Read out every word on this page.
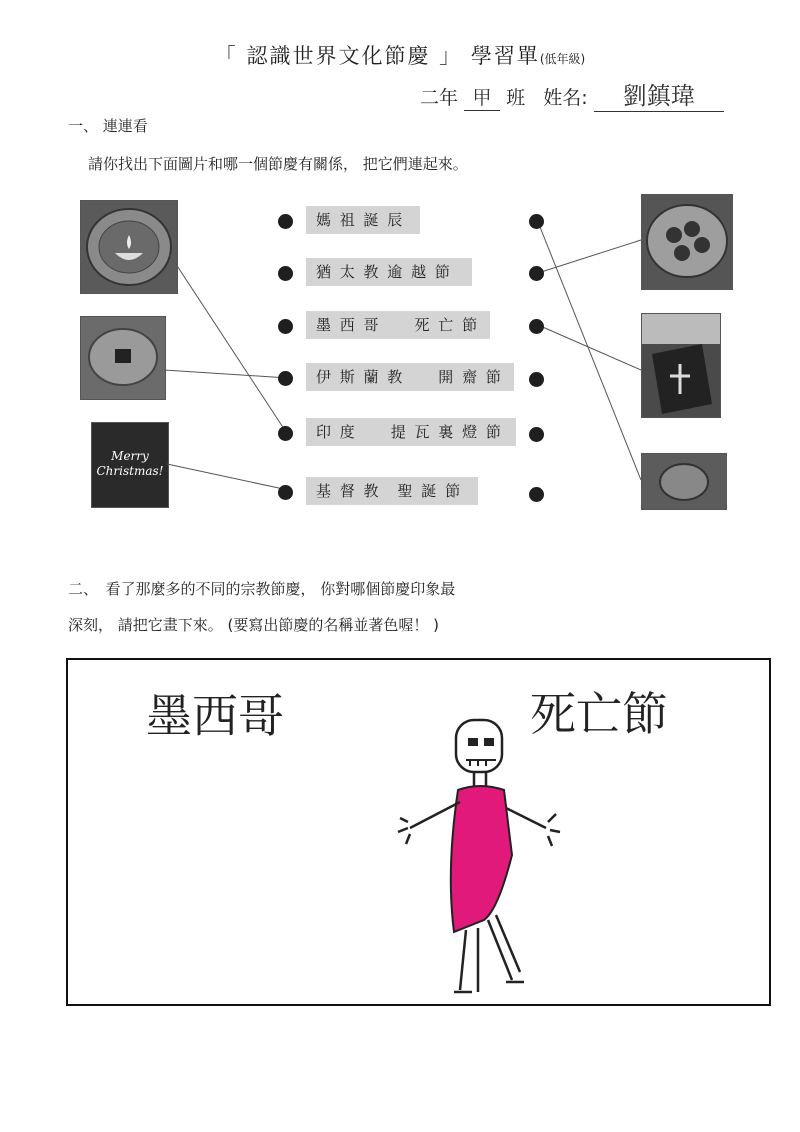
「 認識世界文化節慶 」 學習單(低年級)
二年 甲 班 姓名: 劉鎮瑋
一、 連連看
請你找出下面圖片和哪一個節慶有關係， 把它們連起來。
Merry Christmas!
媽 祖 誕 辰
猶 太 教 逾 越 節
墨 西 哥　　死 亡 節
伊 斯 蘭 教　　開 齋 節
印 度　　提 瓦 裏 燈 節
基 督 教　聖 誕 節
二、　看了那麼多的不同的宗教節慶， 你對哪個節慶印象最
深刻， 請把它畫下來。 (要寫出節慶的名稱並著色喔！ )
墨西哥	死亡節
